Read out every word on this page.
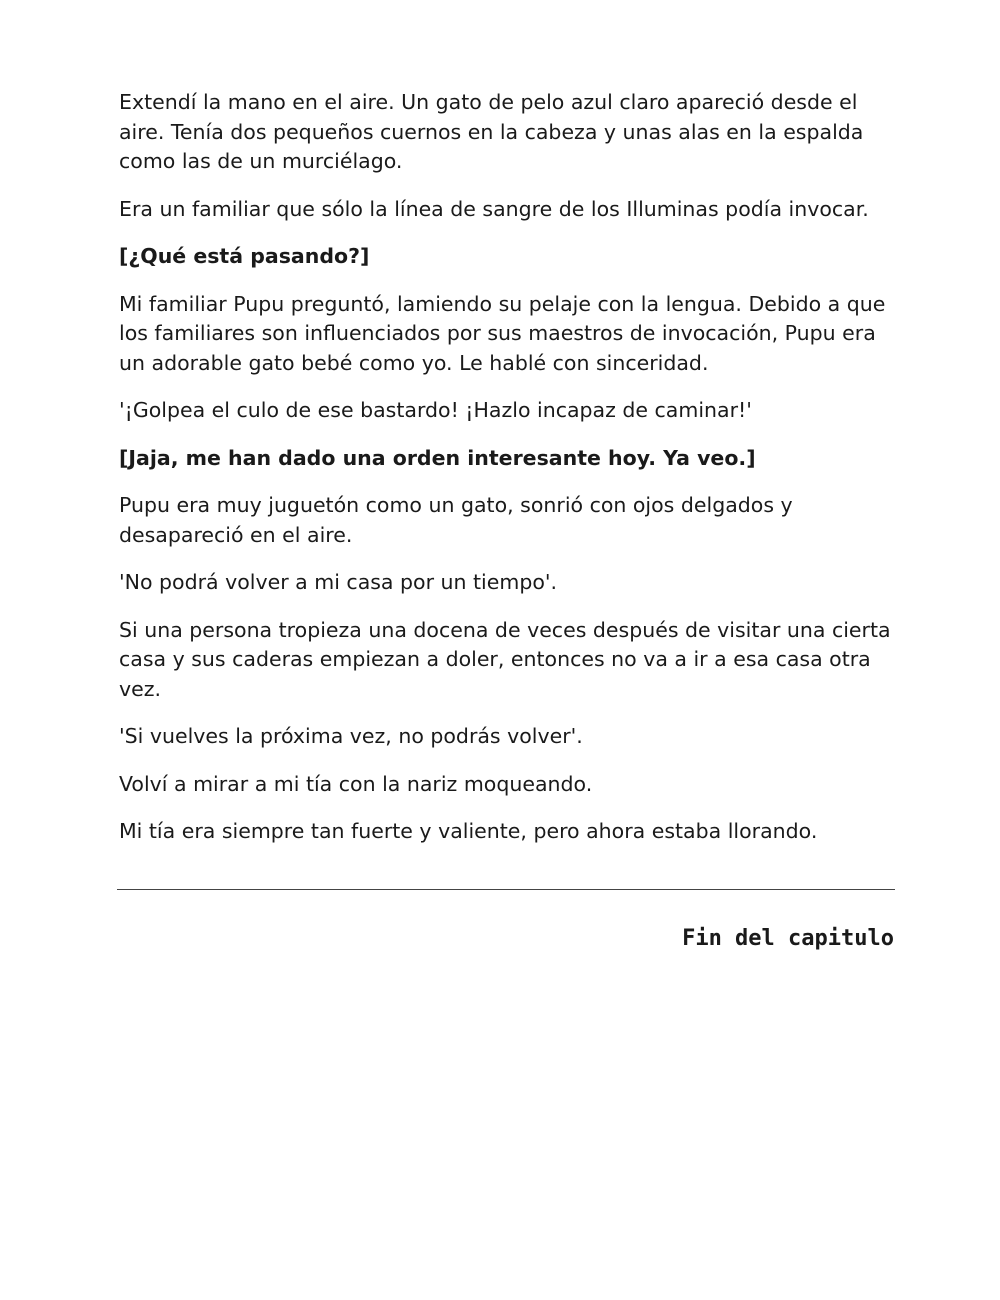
Extendí la mano en el aire. Un gato de pelo azul claro apareció desde el aire. Tenía dos pequeños cuernos en la cabeza y unas alas en la espalda como las de un murciélago.

Era un familiar que sólo la línea de sangre de los Illuminas podía invocar.

[¿Qué está pasando?]

Mi familiar Pupu preguntó, lamiendo su pelaje con la lengua. Debido a que los familiares son influenciados por sus maestros de invocación, Pupu era un adorable gato bebé como yo. Le hablé con sinceridad.

'¡Golpea el culo de ese bastardo! ¡Hazlo incapaz de caminar!'

[Jaja, me han dado una orden interesante hoy. Ya veo.]

Pupu era muy juguetón como un gato, sonrió con ojos delgados y desapareció en el aire.

'No podrá volver a mi casa por un tiempo'.

Si una persona tropieza una docena de veces después de visitar una cierta casa y sus caderas empiezan a doler, entonces no va a ir a esa casa otra vez.

'Si vuelves la próxima vez, no podrás volver'.

Volví a mirar a mi tía con la nariz moqueando.

Mi tía era siempre tan fuerte y valiente, pero ahora estaba llorando.

Fin del capitulo
